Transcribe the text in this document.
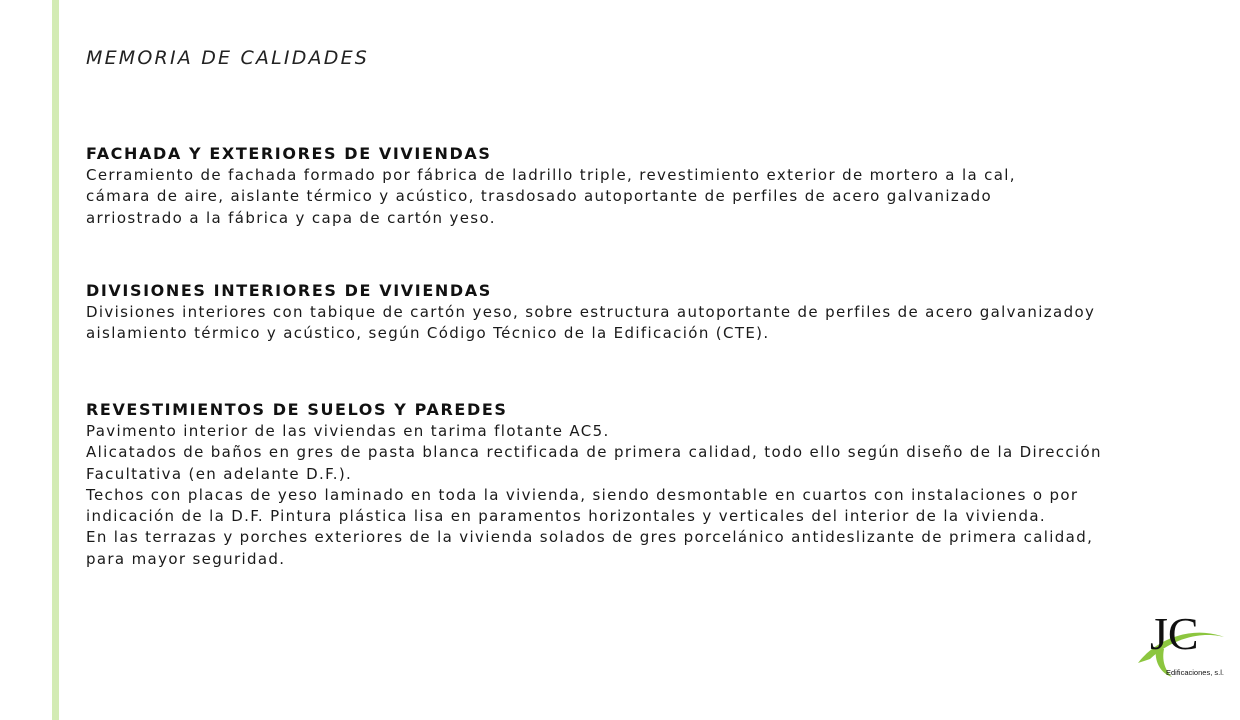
MEMORIA DE CALIDADES
FACHADA Y EXTERIORES DE VIVIENDAS

Cerramiento de fachada formado por fábrica de ladrillo triple, revestimiento exterior de mortero a la cal,

cámara de aire, aislante térmico y acústico, trasdosado autoportante de perfiles de acero galvanizado

arriostrado a la fábrica y capa de cartón yeso.

DIVISIONES INTERIORES DE VIVIENDAS

Divisiones interiores con tabique de cartón yeso, sobre estructura autoportante de perfiles de acero galvanizadoy

aislamiento térmico y acústico, según Código Técnico de la Edificación (CTE).

REVESTIMIENTOS DE SUELOS Y PAREDES

Pavimento interior de las viviendas en tarima flotante AC5.

Alicatados de baños en gres de pasta blanca rectificada de primera calidad, todo ello según diseño de la Dirección

Facultativa (en adelante D.F.).

Techos con placas de yeso laminado en toda la vivienda, siendo desmontable en cuartos con instalaciones o por

indicación de la D.F. Pintura plástica lisa en paramentos horizontales y verticales del interior de la vivienda.

En las terrazas y porches exteriores de la vivienda solados de gres porcelánico antideslizante de primera calidad,

para mayor seguridad.

JC
Edificaciones, s.l.
